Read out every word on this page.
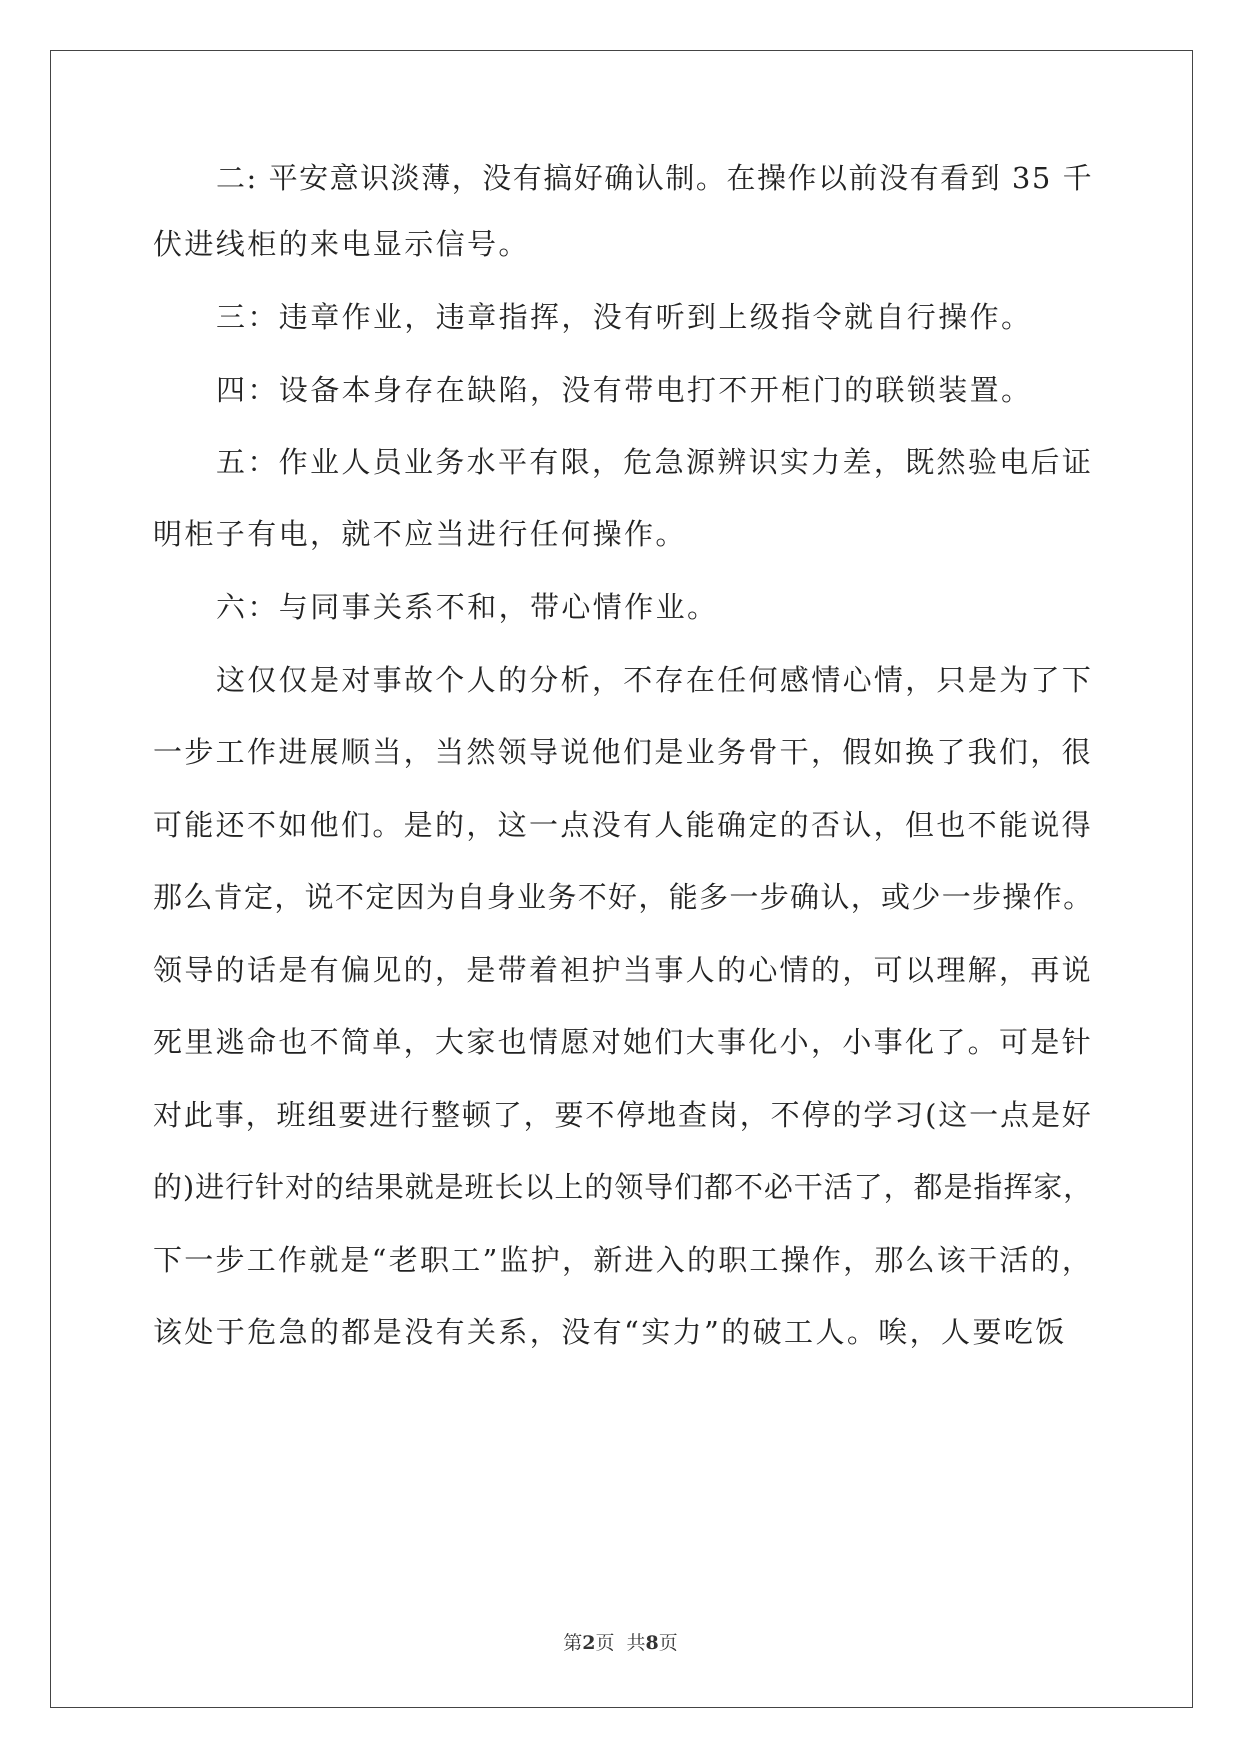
二: 平安意识淡薄，没有搞好确认制。在操作以前没有看到 35 千
伏进线柜的来电显示信号。
三：违章作业，违章指挥，没有听到上级指令就自行操作。
四：设备本身存在缺陷，没有带电打不开柜门的联锁装置。
五：作业人员业务水平有限，危急源辨识实力差，既然验电后证
明柜子有电，就不应当进行任何操作。
六：与同事关系不和，带心情作业。
这仅仅是对事故个人的分析，不存在任何感情心情，只是为了下
一步工作进展顺当，当然领导说他们是业务骨干，假如换了我们，很
可能还不如他们。是的，这一点没有人能确定的否认，但也不能说得
那么肯定，说不定因为自身业务不好，能多一步确认，或少一步操作。
领导的话是有偏见的，是带着袒护当事人的心情的，可以理解，再说
死里逃命也不简单，大家也情愿对她们大事化小，小事化了。可是针
对此事，班组要进行整顿了，要不停地查岗，不停的学习(这一点是好
的)进行针对的结果就是班长以上的领导们都不必干活了，都是指挥家，
下一步工作就是“老职工”监护，新进入的职工操作，那么该干活的，
该处于危急的都是没有关系，没有“实力”的破工人。唉，人要吃饭
第2页  共8页
